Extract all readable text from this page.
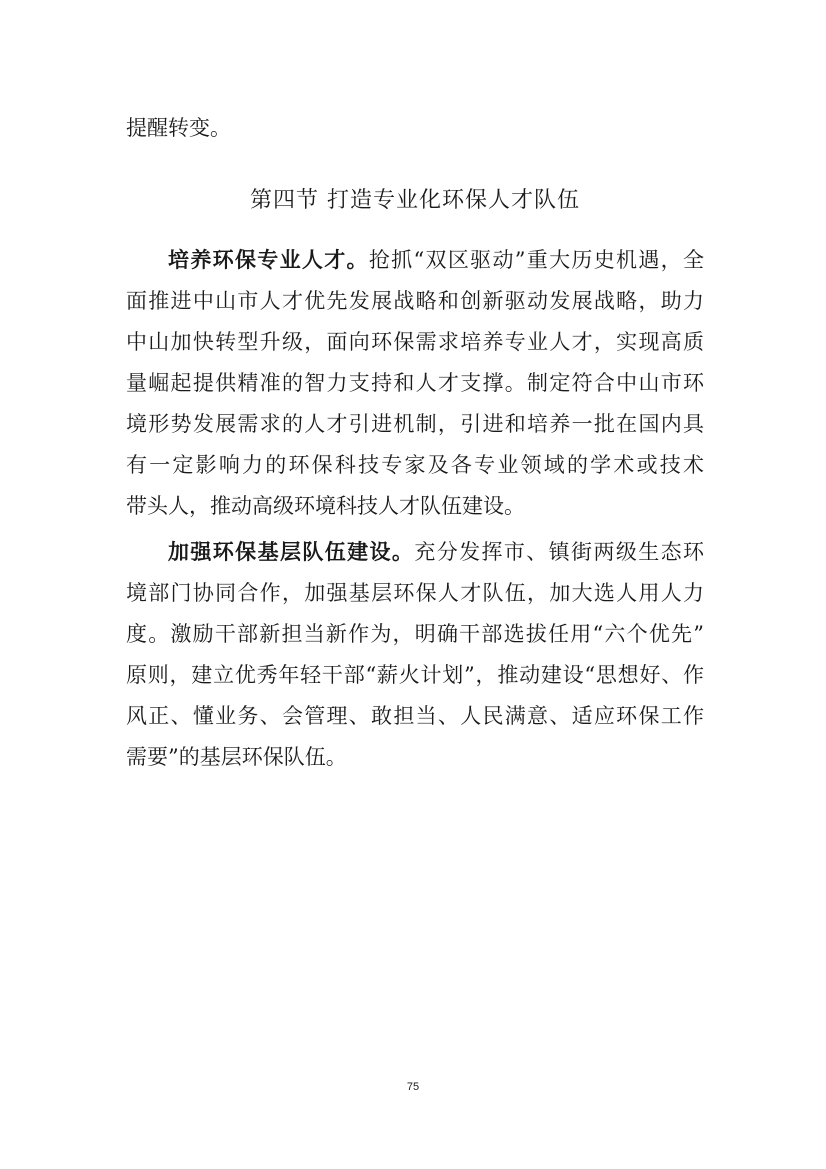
提醒转变。
第四节 打造专业化环保人才队伍
培养环保专业人才。抢抓“双区驱动”重大历史机遇，全
面推进中山市人才优先发展战略和创新驱动发展战略，助力
中山加快转型升级，面向环保需求培养专业人才，实现高质
量崛起提供精准的智力支持和人才支撑。制定符合中山市环
境形势发展需求的人才引进机制，引进和培养一批在国内具
有一定影响力的环保科技专家及各专业领域的学术或技术
带头人，推动高级环境科技人才队伍建设。
加强环保基层队伍建设。充分发挥市、镇街两级生态环
境部门协同合作，加强基层环保人才队伍，加大选人用人力
度。激励干部新担当新作为，明确干部选拔任用“六个优先”
原则，建立优秀年轻干部“薪火计划”，推动建设“思想好、作
风正、懂业务、会管理、敢担当、人民满意、适应环保工作
需要”的基层环保队伍。
75
